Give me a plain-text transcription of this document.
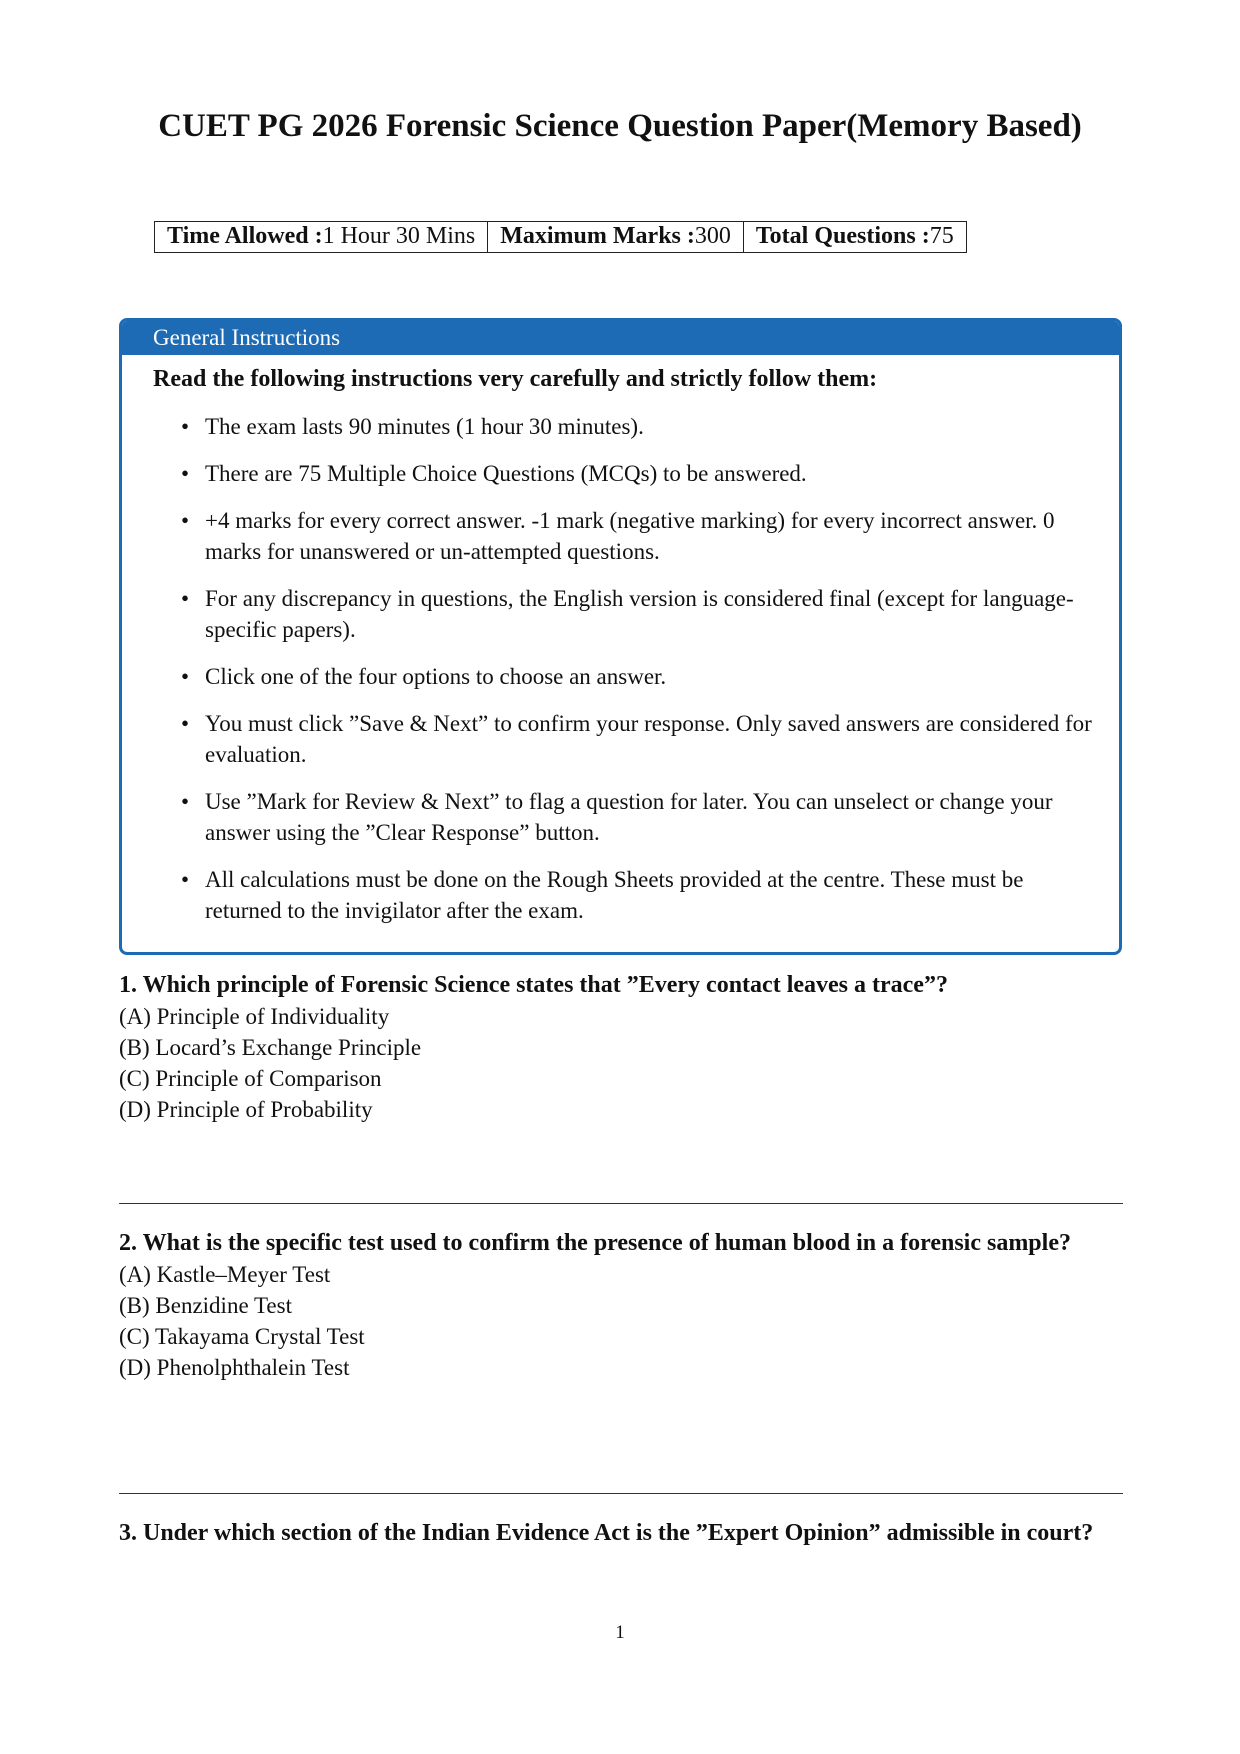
CUET PG 2026 Forensic Science Question Paper(Memory Based)
Time Allowed :1 Hour 30 Mins	Maximum Marks :300	Total Questions :75
General Instructions
Read the following instructions very carefully and strictly follow them:
• The exam lasts 90 minutes (1 hour 30 minutes).
• There are 75 Multiple Choice Questions (MCQs) to be answered.
• +4 marks for every correct answer. -1 mark (negative marking) for every incorrect answer. 0 marks for unanswered or un-attempted questions.
• For any discrepancy in questions, the English version is considered final (except for language-specific papers).
• Click one of the four options to choose an answer.
• You must click ”Save & Next” to confirm your response. Only saved answers are considered for evaluation.
• Use ”Mark for Review & Next” to flag a question for later. You can unselect or change your answer using the ”Clear Response” button.
• All calculations must be done on the Rough Sheets provided at the centre. These must be returned to the invigilator after the exam.

1. Which principle of Forensic Science states that ”Every contact leaves a trace”?

(A) Principle of Individuality

(B) Locard’s Exchange Principle

(C) Principle of Comparison

(D) Principle of Probability

2. What is the specific test used to confirm the presence of human blood in a forensic sample?

(A) Kastle–Meyer Test

(B) Benzidine Test

(C) Takayama Crystal Test

(D) Phenolphthalein Test

3. Under which section of the Indian Evidence Act is the ”Expert Opinion” admissible in court?

1
